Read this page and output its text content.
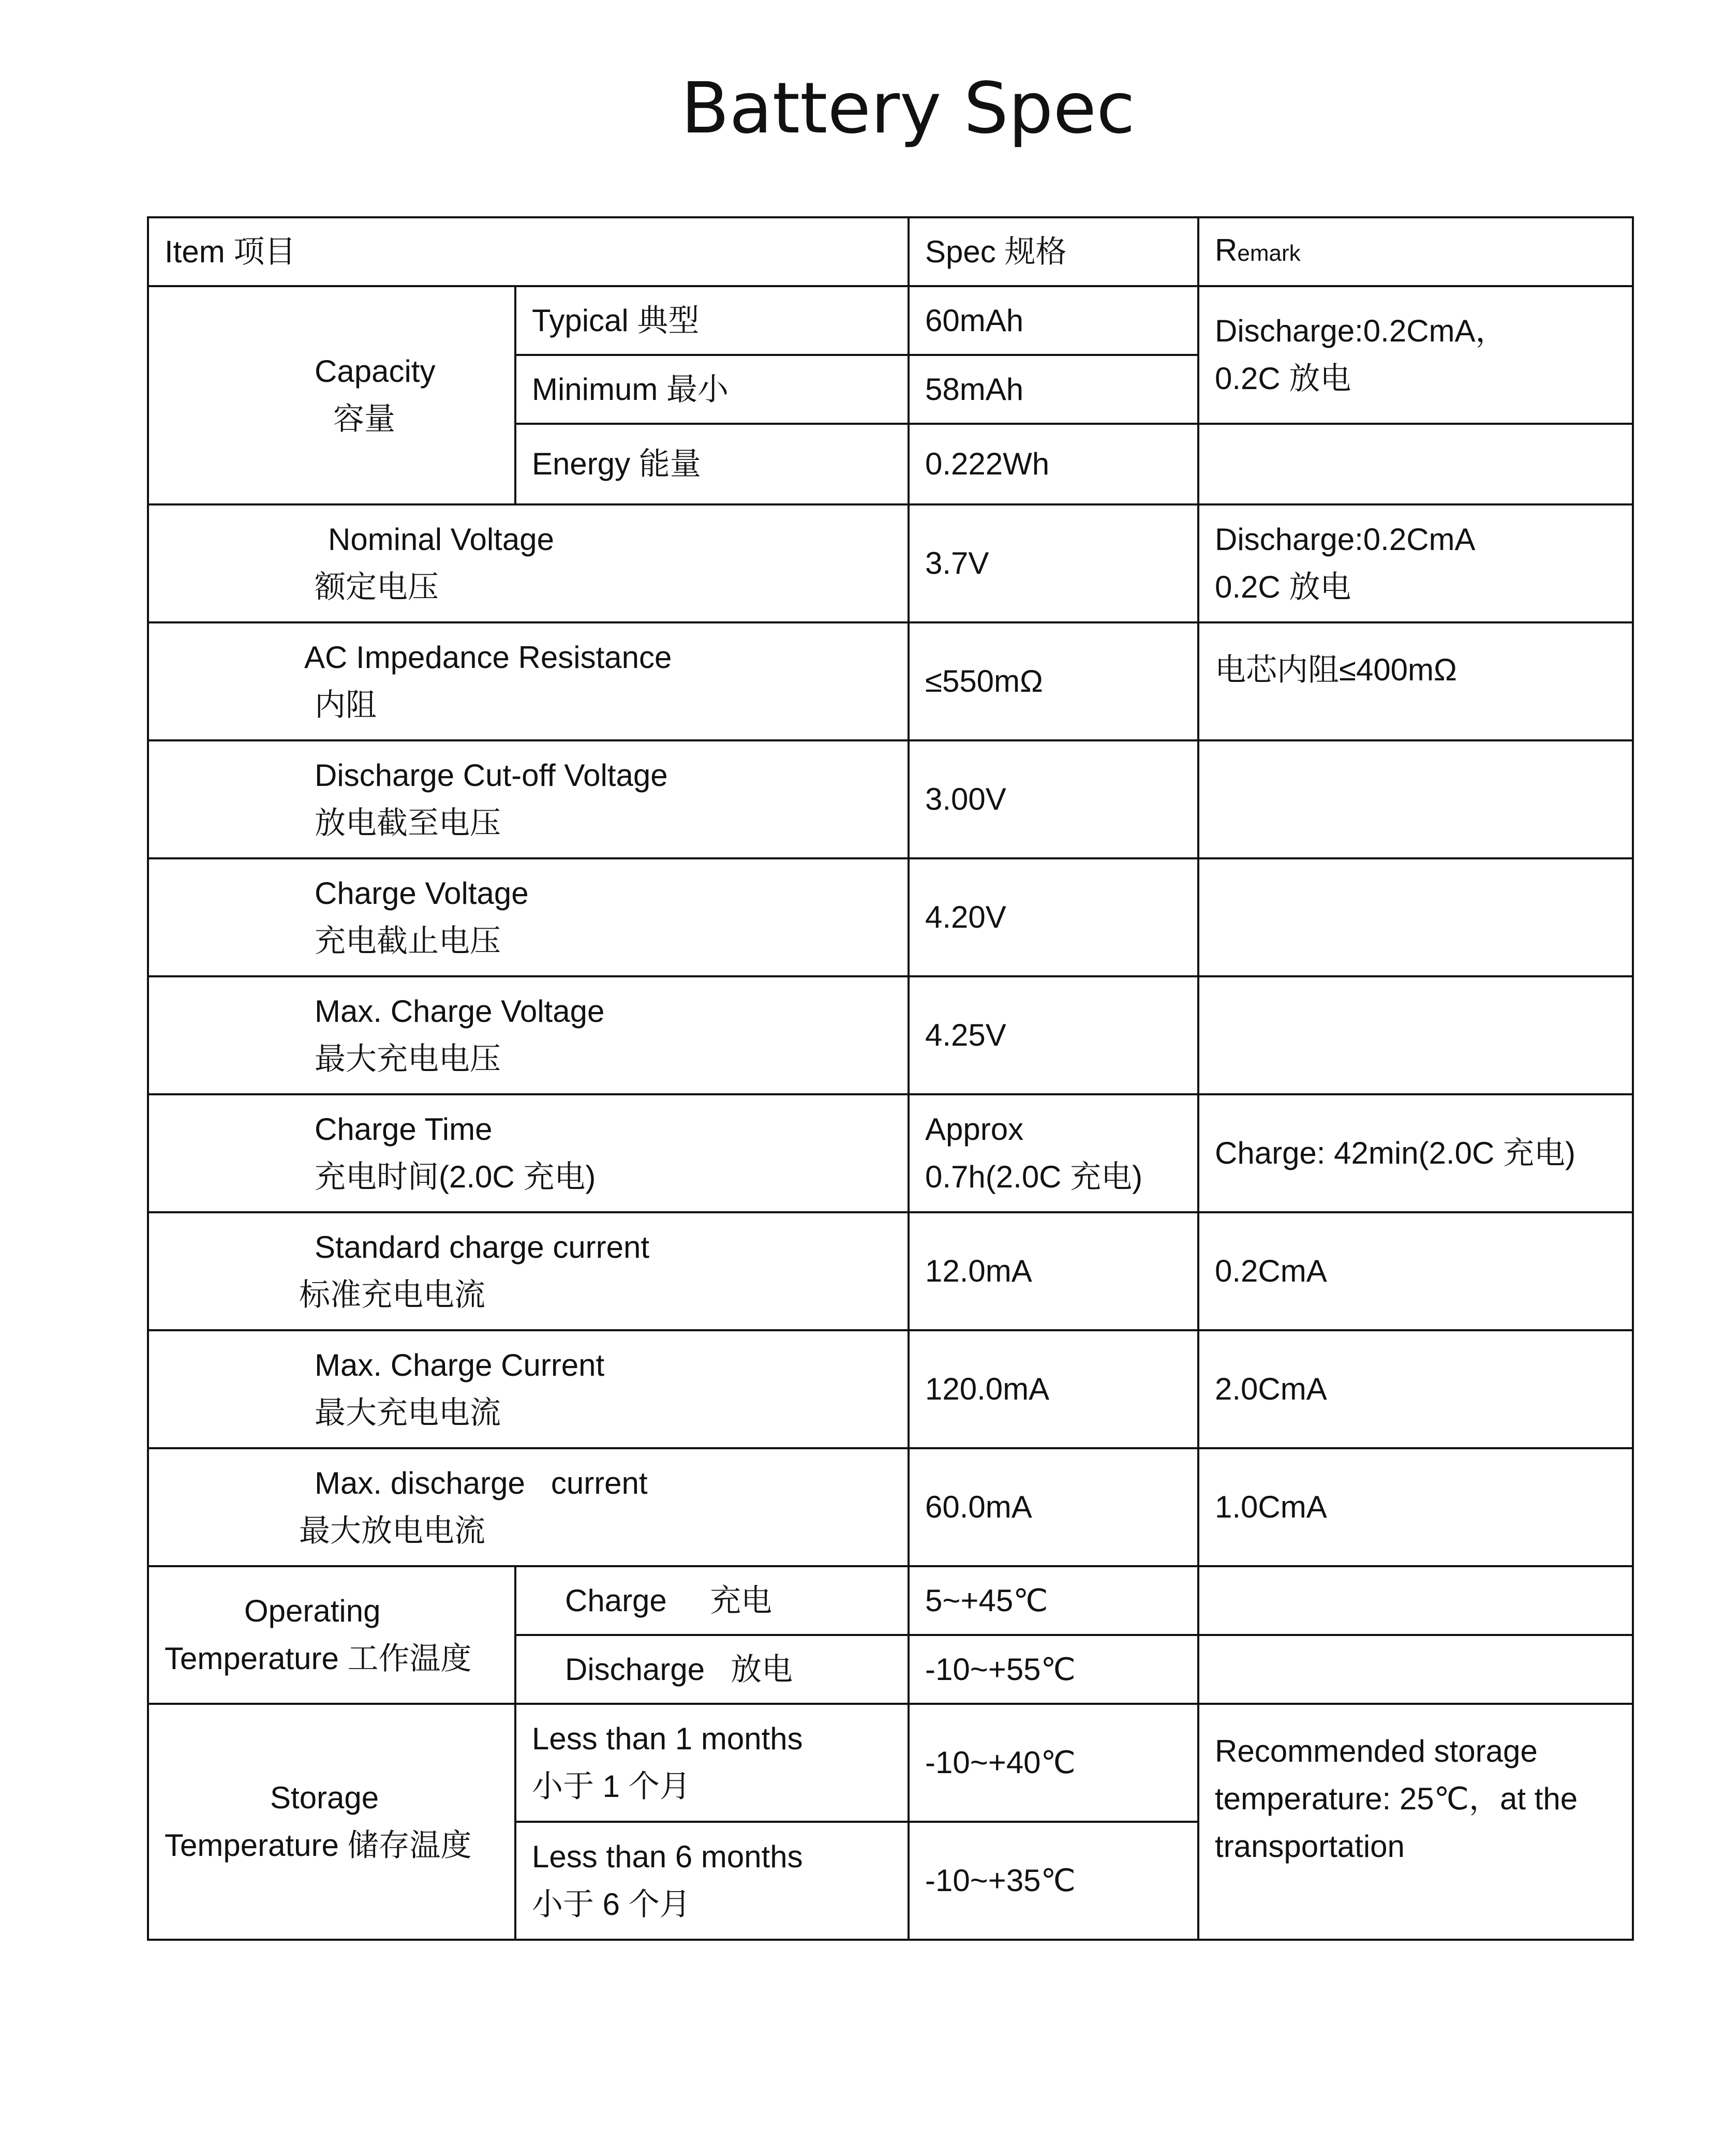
Battery Spec
Item 项目		Spec 规格	Remark

Capacity
容量	Typical 典型	60mAh	Discharge:0.2CmA，
0.2C 放电

	Minimum 最小	58mAh	
	Energy 能量	0.222Wh	

Nominal Voltage
额定电压		3.7V	Discharge:0.2CmA
0.2C 放电

AC Impedance Resistance
内阻		≤550mΩ	电芯内阻≤400mΩ

Discharge Cut-off Voltage
放电截至电压		3.00V	

Charge Voltage
充电截止电压		4.20V	

Max. Charge Voltage
最大充电电压		4.25V	

Charge Time
充电时间(2.0C 充电)		Approx
0.7h(2.0C 充电)	Charge: 42min(2.0C 充电)

Standard charge current
标准充电电流		12.0mA	0.2CmA

Max. Charge Current
最大充电电流		120.0mA	2.0CmA

Max. discharge   current
最大放电电流		60.0mA	1.0CmA

Operating
Temperature 工作温度	Charge     充电	5~+45℃	
	Discharge   放电	-10~+55℃	

Storage
Temperature 储存温度	Less than 1 months
小于 1 个月	-10~+40℃	Recommended storage
temperature: 25℃，at the
transportation

	Less than 6 months
小于 6 个月	-10~+35℃	
